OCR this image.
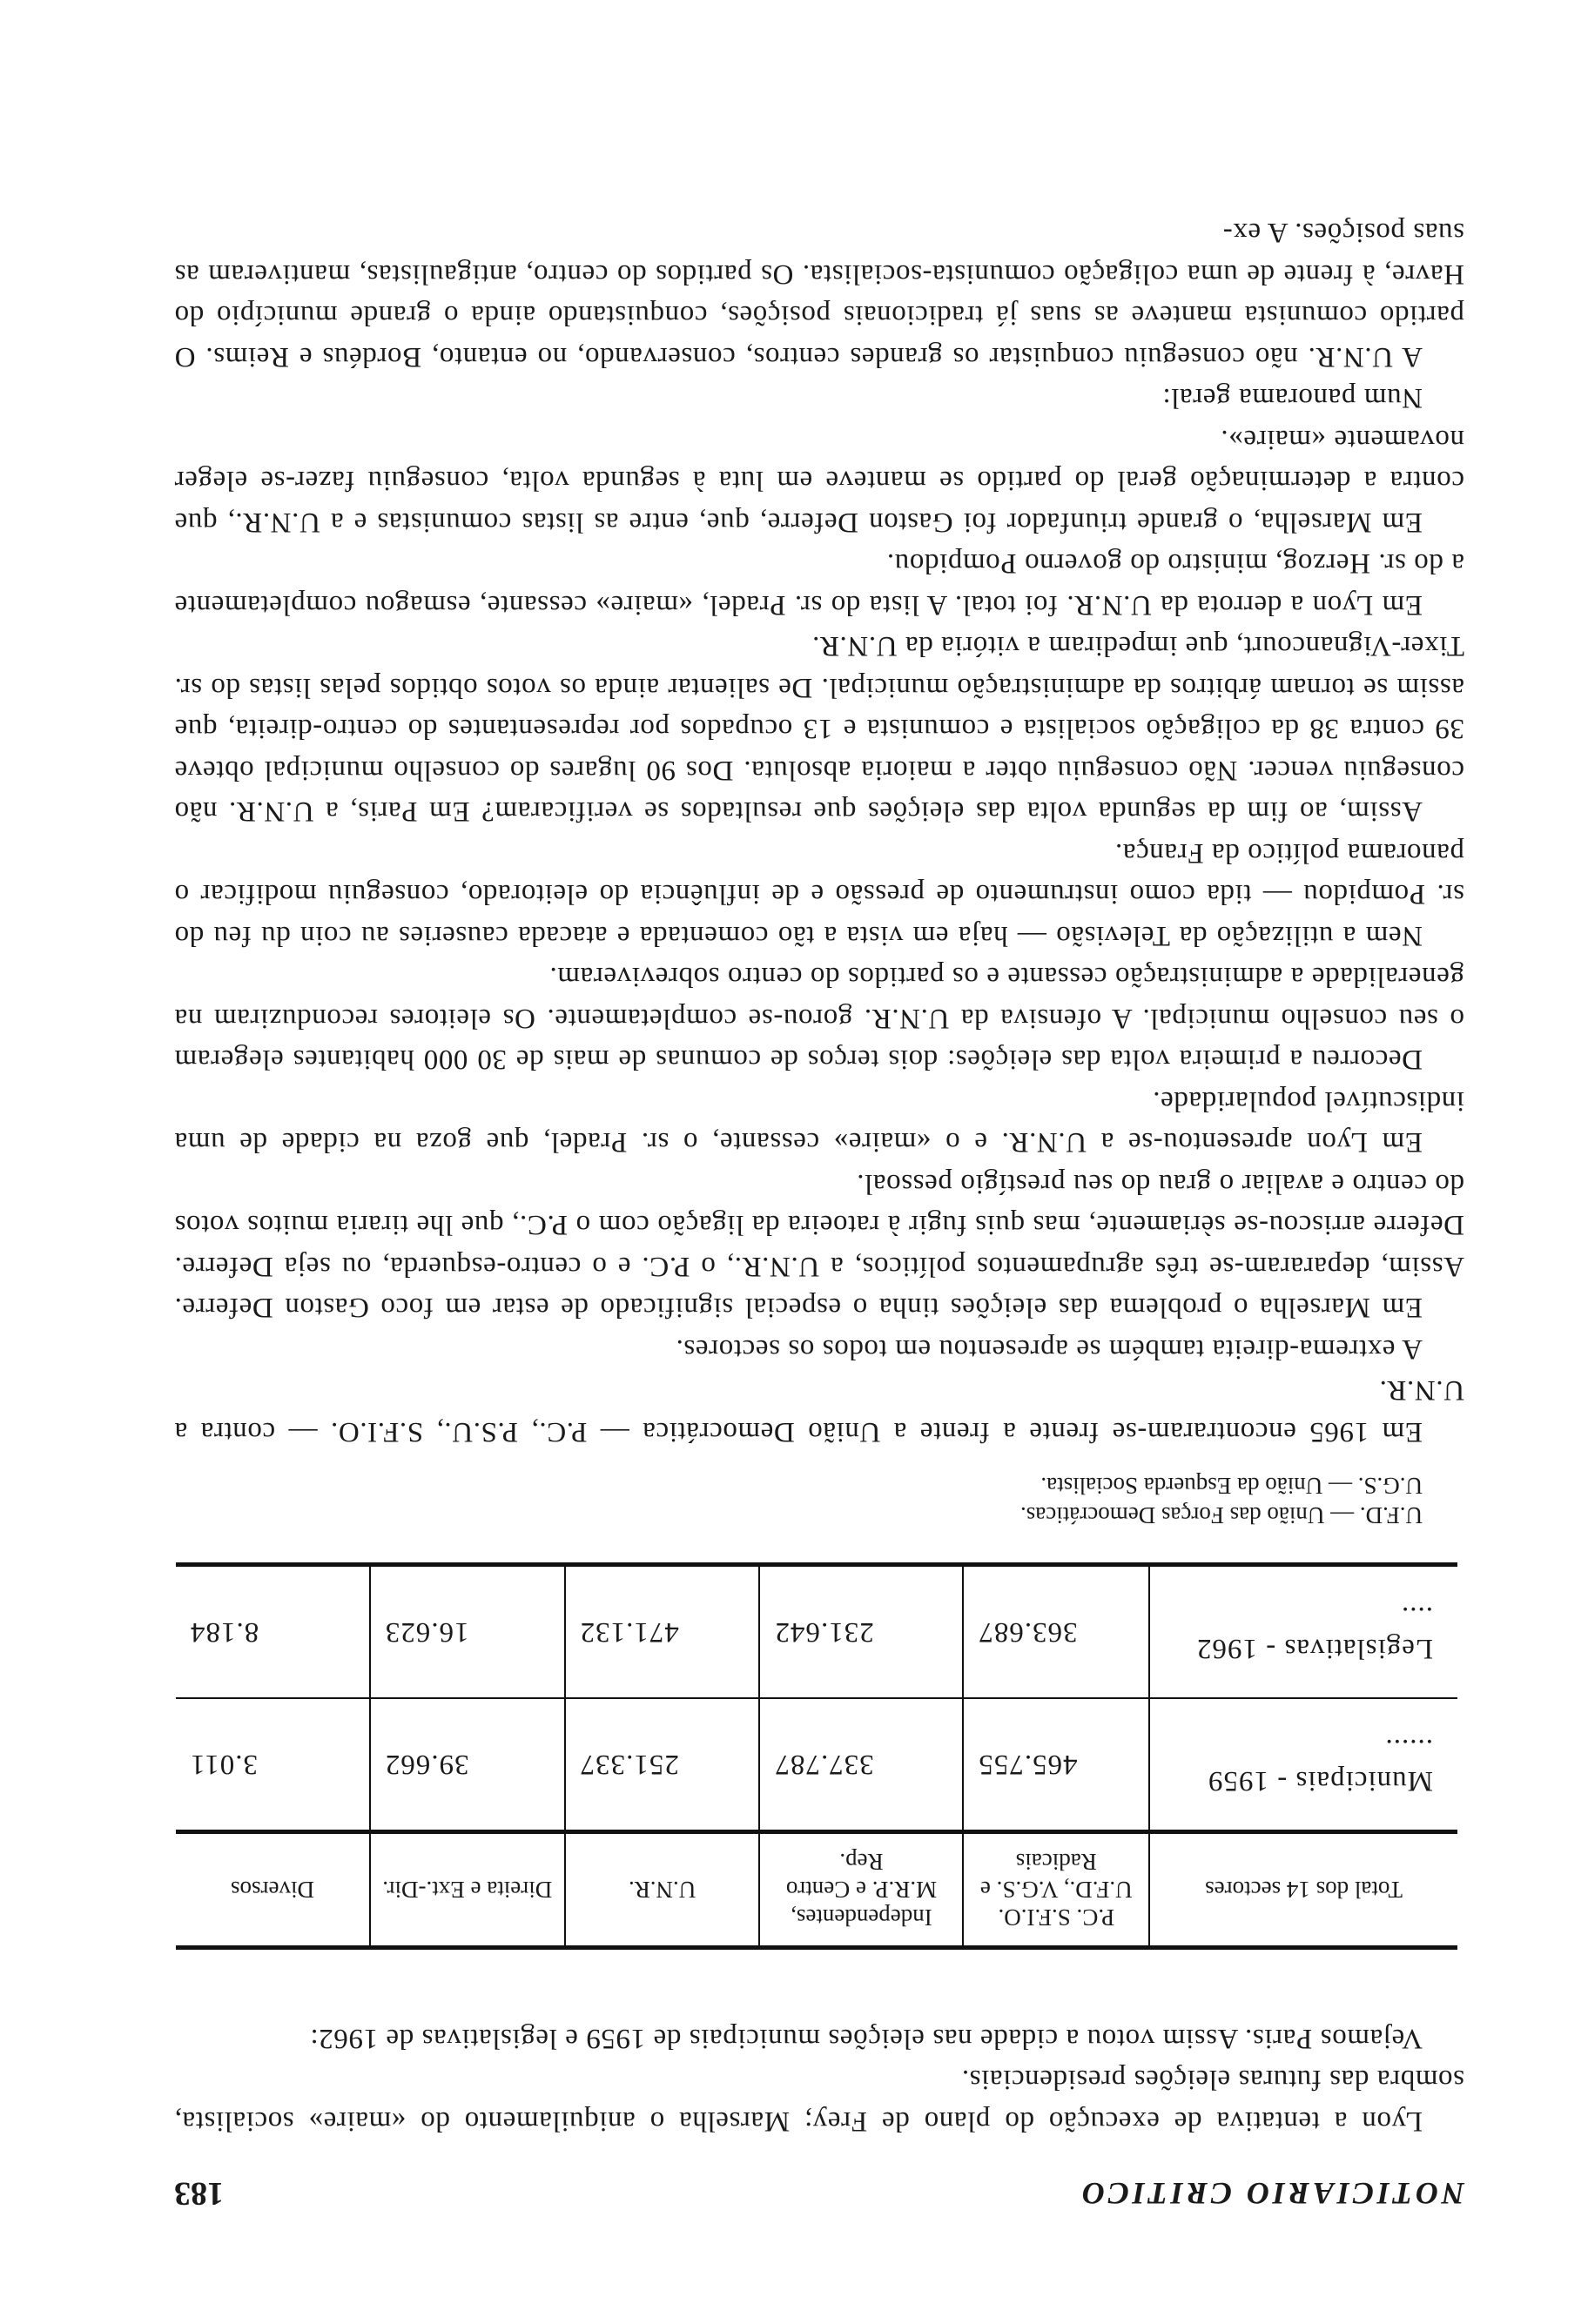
NOTICIARIO CRITICO
183

Lyon a tentativa de execução do plano de Frey; Marselha o aniquilamento do «maire» socialista, sombra das futuras eleições presidenciais.

Vejamos Paris. Assim votou a cidade nas eleições municipais de 1959 e legislativas de 1962:

Total dos 14 sectores	P.C. S.F.I.O. U.F.D., V.G.S. e Radicais	Independentes, M.R.P. e Centro Rep.	U.N.R.	Direita e Ext.-Dir.	Diversos
Municipais - 1959 ......	465.755	337.787	251.337	39.662	3.011
Legislativas - 1962 ....	363.687	231.642	471.132	16.623	8.184
U.F.D. — União das Forças Democráticas.
U.G.S. — União da Esquerda Socialista.

Em 1965 encontraram-se frente a frente a União Democrática — P.C., P.S.U., S.F.I.O. — contra a U.N.R.

A extrema-direita também se apresentou em todos os sectores.

Em Marselha o problema das eleições tinha o especial significado de estar em foco Gaston Deferre. Assim, depararam-se três agrupamentos políticos, a U.N.R., o P.C. e o centro-esquerda, ou seja Deferre. Deferre arriscou-se sèriamente, mas quis fugir à ratoeira da ligação com o P.C., que lhe tiraria muitos votos do centro e avaliar o grau do seu prestígio pessoal.

Em Lyon apresentou-se a U.N.R. e o «maire» cessante, o sr. Pradel, que goza na cidade de uma indiscutível popularidade.

Decorreu a primeira volta das eleições: dois terços de comunas de mais de 30 000 habitantes elegeram o seu conselho municipal. A ofensiva da U.N.R. gorou-se completamente. Os eleitores reconduziram na generalidade a administração cessante e os partidos do centro sobreviveram.

Nem a utilização da Televisão — haja em vista a tão comentada e atacada causeries au coin du feu do sr. Pompidou — tida como instrumento de pressão e de influência do eleitorado, conseguiu modificar o panorama político da França.

Assim, ao fim da segunda volta das eleições que resultados se verificaram? Em Paris, a U.N.R. não conseguiu vencer. Não conseguiu obter a maioria absoluta. Dos 90 lugares do conselho municipal obteve 39 contra 38 da coligação socialista e comunista e 13 ocupados por representantes do centro-direita, que assim se tornam árbitros da administração municipal. De salientar ainda os votos obtidos pelas listas do sr. Tixer-Vignancourt, que impediram a vitória da U.N.R.

Em Lyon a derrota da U.N.R. foi total. A lista do sr. Pradel, «maire» cessante, esmagou completamente a do sr. Herzog, ministro do governo Pompidou.

Em Marselha, o grande triunfador foi Gaston Deferre, que, entre as listas comunistas e a U.N.R., que contra a determinação geral do partido se manteve em luta à segunda volta, conseguiu fazer-se eleger novamente «maire».

Num panorama geral:

A U.N.R. não conseguiu conquistar os grandes centros, conservando, no entanto, Bordéus e Reims. O partido comunista manteve as suas já tradicionais posições, conquistando ainda o grande município do Havre, à frente de uma coligação comunista-socialista. Os partidos do centro, antigaulistas, mantiveram as suas posições. A ex-
